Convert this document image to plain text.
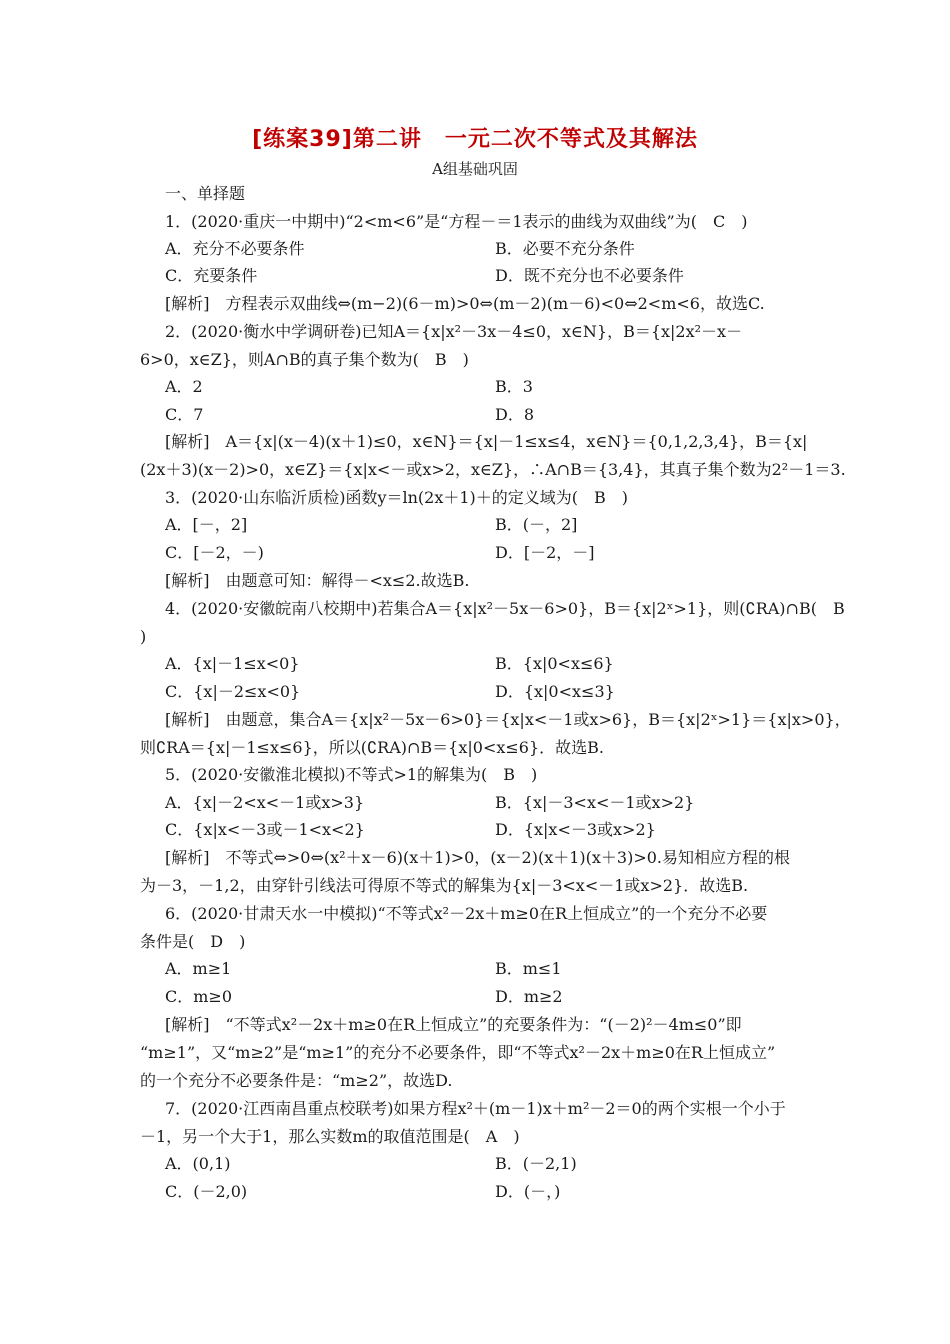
[练案39]第二讲　一元二次不等式及其解法
A组基础巩固
一、单择题
1．(2020·重庆一中期中)“2<m<6”是“方程－＝1表示的曲线为双曲线”为(　C　)
A．充分不必要条件	B．必要不充分条件
C．充要条件	D．既不充分也不必要条件
[解析]　方程表示双曲线⇔(m−2)(6－m)>0⇔(m－2)(m－6)<0⇔2<m<6，故选C.
2．(2020·衡水中学调研卷)已知A＝{x|x²－3x－4≤0，x∈N}，B＝{x|2x²－x－
6>0，x∈Z}，则A∩B的真子集个数为(　B　)
A．2	B．3
C．7	D．8
[解析]　A＝{x|(x－4)(x＋1)≤0，x∈N}＝{x|－1≤x≤4，x∈N}＝{0,1,2,3,4}，B＝{x|
(2x＋3)(x－2)>0，x∈Z}＝{x|x<－或x>2，x∈Z}，∴A∩B＝{3,4}，其真子集个数为2²－1＝3.
3．(2020·山东临沂质检)函数y＝ln(2x＋1)＋的定义域为(　B　)
A．[－，2]	B．(－，2]
C．[－2，－)	D．[－2，－]
[解析]　由题意可知：解得－<x≤2.故选B.
4．(2020·安徽皖南八校期中)若集合A＝{x|x²－5x－6>0}，B＝{x|2ˣ>1}，则(∁RA)∩B(　B
)
A．{x|－1≤x<0}	B．{x|0<x≤6}
C．{x|－2≤x<0}	D．{x|0<x≤3}
[解析]　由题意，集合A＝{x|x²－5x－6>0}＝{x|x<－1或x>6}，B＝{x|2ˣ>1}＝{x|x>0}，
则∁RA＝{x|－1≤x≤6}，所以(∁RA)∩B＝{x|0<x≤6}．故选B.
5．(2020·安徽淮北模拟)不等式>1的解集为(　B　)
A．{x|－2<x<－1或x>3}	B．{x|－3<x<－1或x>2}
C．{x|x<－3或－1<x<2}	D．{x|x<－3或x>2}
[解析]　不等式⇔>0⇔(x²＋x－6)(x＋1)>0，(x－2)(x＋1)(x＋3)>0.易知相应方程的根
为－3，－1,2，由穿针引线法可得原不等式的解集为{x|－3<x<－1或x>2}．故选B.
6．(2020·甘肃天水一中模拟)“不等式x²－2x＋m≥0在R上恒成立”的一个充分不必要
条件是(　D　)
A．m≥1	B．m≤1
C．m≥0	D．m≥2
[解析]　“不等式x²－2x＋m≥0在R上恒成立”的充要条件为：“(－2)²－4m≤0”即
“m≥1”，又“m≥2”是“m≥1”的充分不必要条件，即“不等式x²－2x＋m≥0在R上恒成立”
的一个充分不必要条件是：“m≥2”，故选D.
7．(2020·江西南昌重点校联考)如果方程x²＋(m－1)x＋m²－2＝0的两个实根一个小于
－1，另一个大于1，那么实数m的取值范围是(　A　)
A．(0,1)	B．(－2,1)
C．(－2,0)	D．(－，)
